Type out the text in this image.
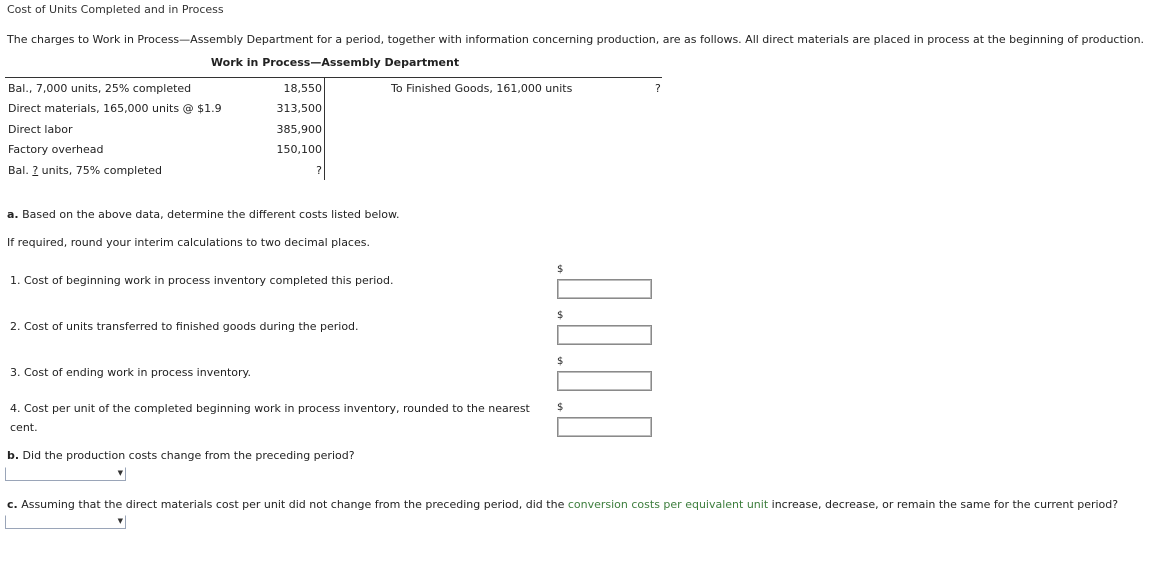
Cost of Units Completed and in Process
The charges to Work in Process—Assembly Department for a period, together with information concerning production, are as follows. All direct materials are placed in process at the beginning of production.
Work in Process—Assembly Department
Bal., 7,000 units, 25% completed	18,550
Direct materials, 165,000 units @ $1.9	313,500
Direct labor	385,900
Factory overhead	150,100
Bal. ? units, 75% completed	?
To Finished Goods, 161,000 units	?
a. Based on the above data, determine the different costs listed below.
If required, round your interim calculations to two decimal places.
1. Cost of beginning work in process inventory completed this period.
$
2. Cost of units transferred to finished goods during the period.
$
3. Cost of ending work in process inventory.
$
4. Cost per unit of the completed beginning work in process inventory, rounded to the nearest
cent.
$
b. Did the production costs change from the preceding period?
▼
c. Assuming that the direct materials cost per unit did not change from the preceding period, did the conversion costs per equivalent unit increase, decrease, or remain the same for the current period?
▼
